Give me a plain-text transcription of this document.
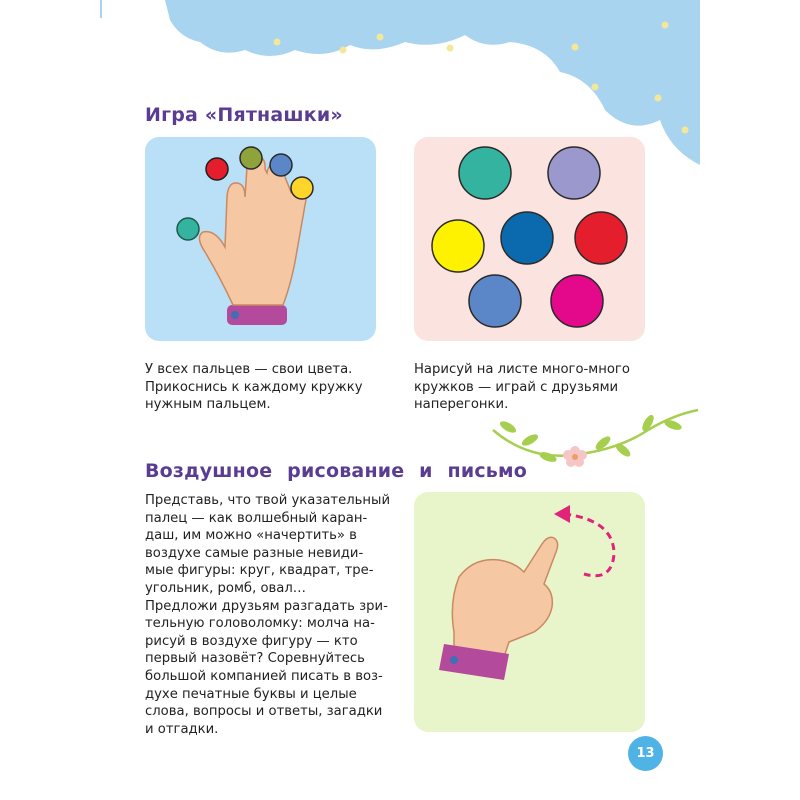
Игра «Пятнашки»
У всех пальцев — свои цвета.
Прикоснись к каждому кружку
нужным пальцем.
Нарисуй на листе много-много
кружков — играй с друзьями
наперегонки.
Воздушное рисование и письмо
Представь, что твой указательный
палец — как волшебный каран-
даш, им можно «начертить» в
воздухе самые разные невиди-
мые фигуры: круг, квадрат, тре-
угольник, ромб, овал…
Предложи друзьям разгадать зри-
тельную головоломку: молча на-
рисуй в воздухе фигуру — кто
первый назовёт? Соревнуйтесь
большой компанией писать в воз-
духе печатные буквы и целые
слова, вопросы и ответы, загадки
и отгадки.
13
